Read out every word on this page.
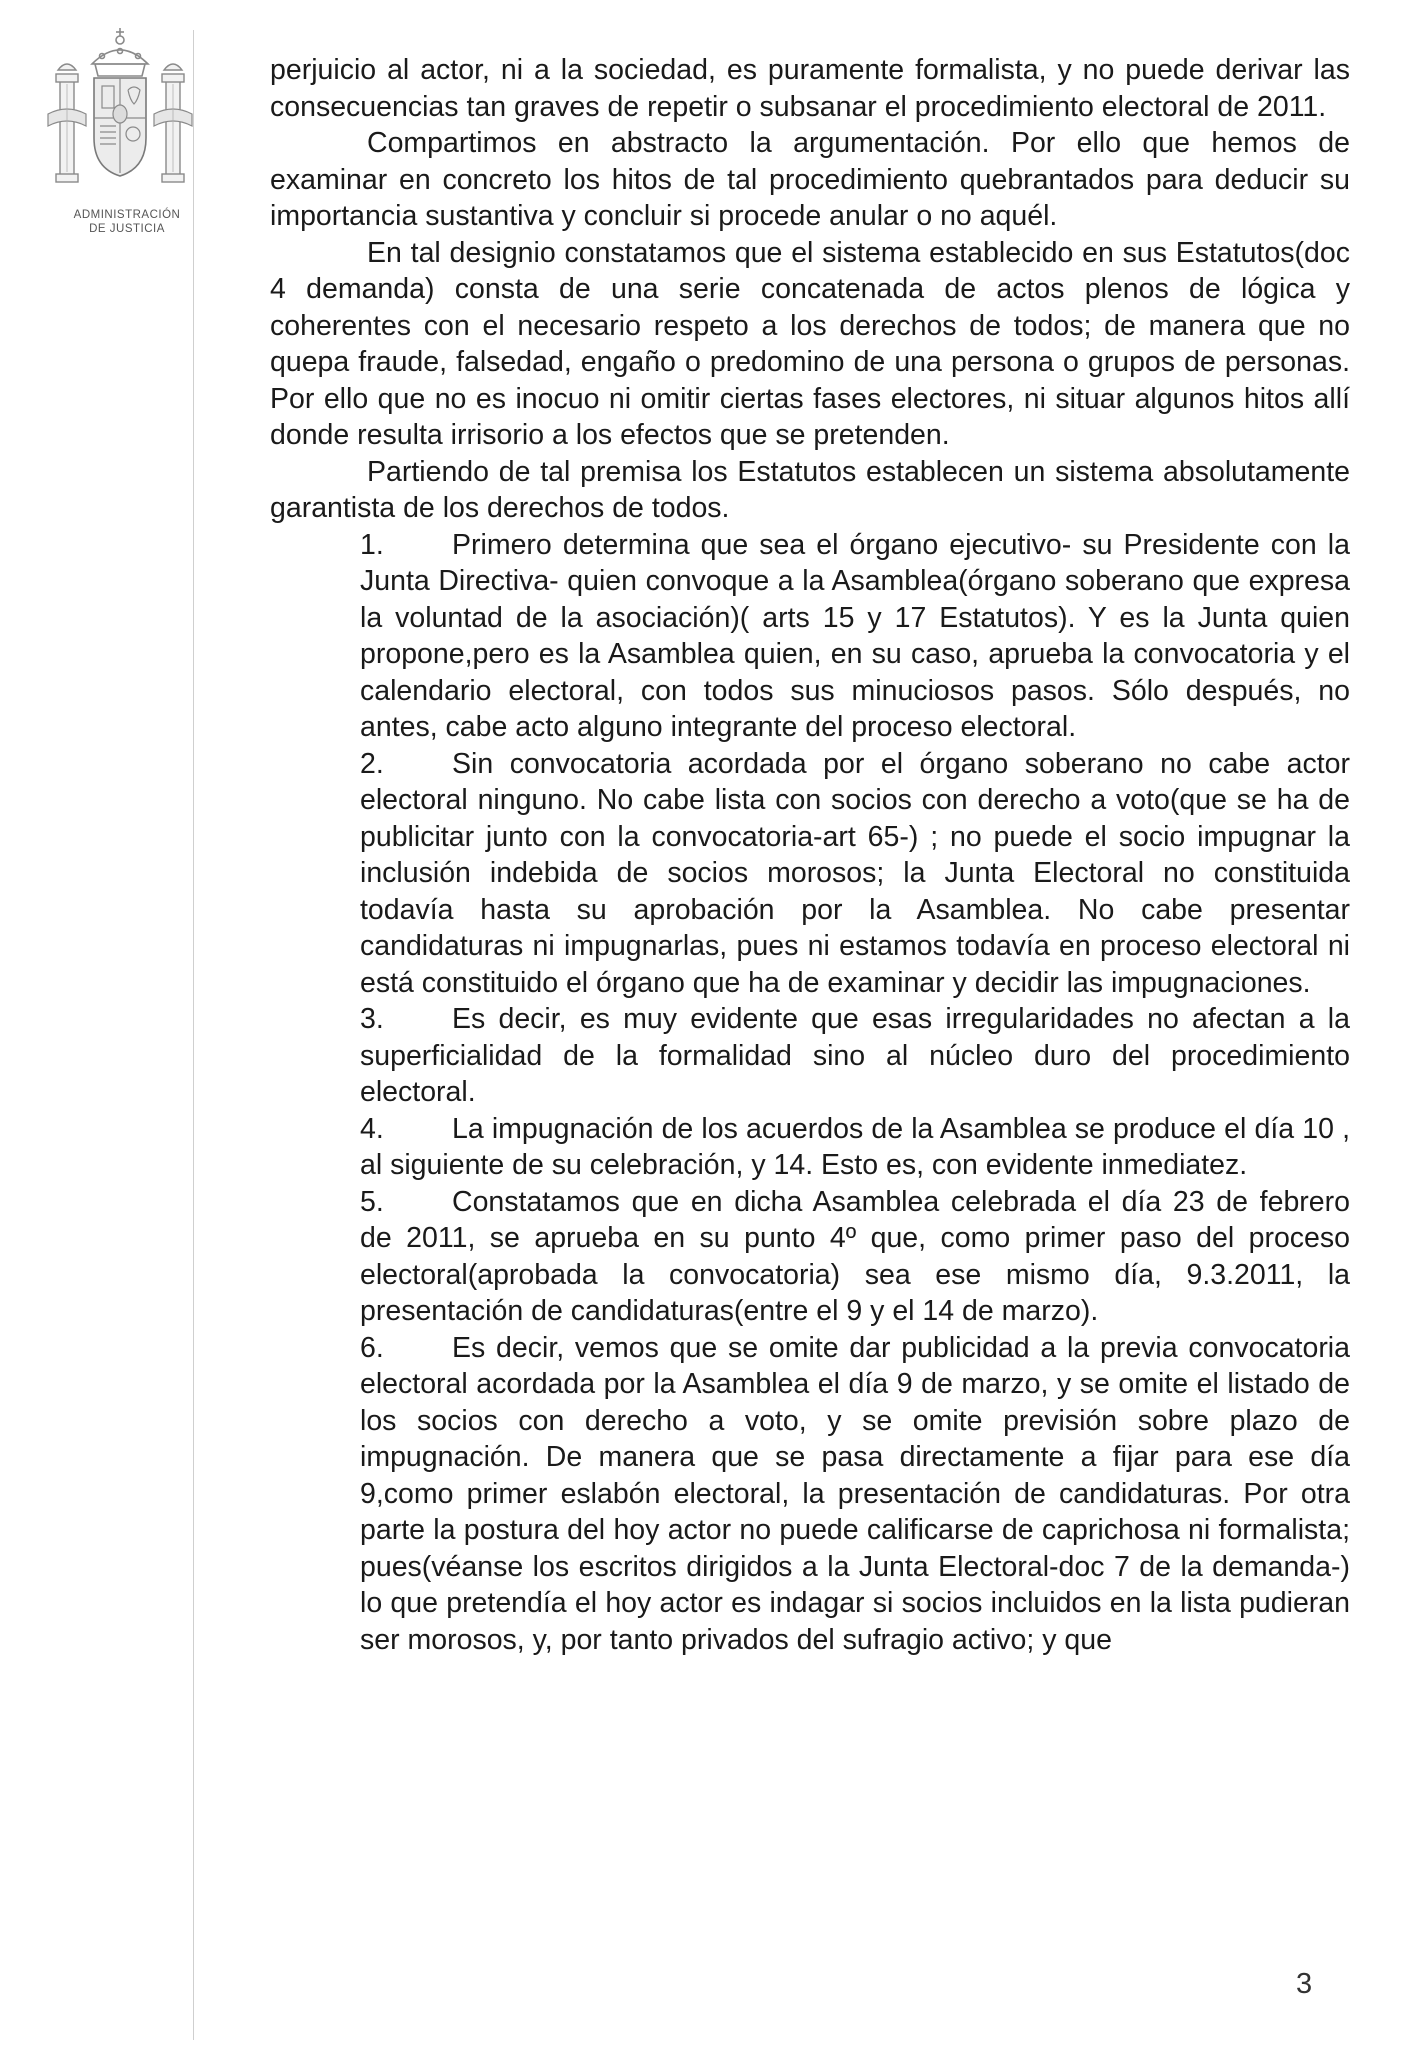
ADMINISTRACIÓN
DE JUSTICIA

perjuicio al actor, ni a la sociedad, es puramente formalista, y no puede derivar las consecuencias tan graves de repetir o subsanar el procedimiento electoral de 2011.

Compartimos en abstracto la argumentación. Por ello que hemos de examinar en concreto los hitos de tal procedimiento quebrantados para deducir su importancia sustantiva y concluir si procede anular o no aquél.

En tal designio constatamos que el sistema establecido en sus Estatutos(doc 4 demanda) consta de una serie concatenada de actos plenos de lógica y coherentes con el necesario respeto a los derechos de todos; de manera que no quepa fraude, falsedad, engaño o predomino de una persona o grupos de personas. Por ello que no es inocuo ni omitir ciertas fases electores, ni situar algunos hitos allí donde resulta irrisorio a los efectos que se pretenden.

Partiendo de tal premisa los Estatutos establecen un sistema absolutamente garantista de los derechos de todos.

1. Primero determina que sea el órgano ejecutivo- su Presidente con la Junta Directiva- quien convoque a la Asamblea(órgano soberano que expresa la voluntad de la asociación)( arts 15 y 17 Estatutos). Y es la Junta quien propone,pero es la Asamblea quien, en su caso, aprueba la convocatoria y el calendario electoral, con todos sus minuciosos pasos. Sólo después, no antes, cabe acto alguno integrante del proceso electoral.
2. Sin convocatoria acordada por el órgano soberano no cabe actor electoral ninguno. No cabe lista con socios con derecho a voto(que se ha de publicitar junto con la convocatoria-art 65-) ; no puede el socio impugnar la inclusión indebida de socios morosos; la Junta Electoral no constituida todavía hasta su aprobación por la Asamblea. No cabe presentar candidaturas ni impugnarlas, pues ni estamos todavía en proceso electoral ni está constituido el órgano que ha de examinar y decidir las impugnaciones.
3. Es decir, es muy evidente que esas irregularidades no afectan a la superficialidad de la formalidad sino al núcleo duro del procedimiento electoral.
4. La impugnación de los acuerdos de la Asamblea se produce el día 10 , al siguiente de su celebración, y 14. Esto es, con evidente inmediatez.
5. Constatamos que en dicha Asamblea celebrada el día 23 de febrero de 2011, se aprueba en su punto 4º que, como primer paso del proceso electoral(aprobada la convocatoria) sea ese mismo día, 9.3.2011, la presentación de candidaturas(entre el 9 y el 14 de marzo).
6. Es decir, vemos que se omite dar publicidad a la previa convocatoria electoral acordada por la Asamblea el día 9 de marzo, y se omite el listado de los socios con derecho a voto, y se omite previsión sobre plazo de impugnación. De manera que se pasa directamente a fijar para ese día 9,como primer eslabón electoral, la presentación de candidaturas. Por otra parte la postura del hoy actor no puede calificarse de caprichosa ni formalista; pues(véanse los escritos dirigidos a la Junta Electoral-doc 7 de la demanda-) lo que pretendía el hoy actor es indagar si socios incluidos en la lista pudieran ser morosos, y, por tanto privados del sufragio activo; y que
3
